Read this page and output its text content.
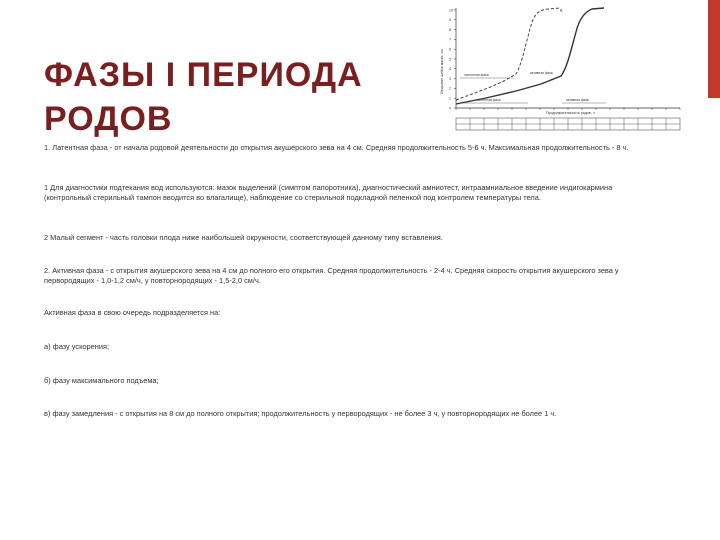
ФАЗЫ I ПЕРИОДА
РОДОВ
Открытие шейки матки, см
10
9
8
7
6
5
4
3
2
1
0
д
латентная фаза	активная фаза
латентная фаза	активная фаза
Продолжительность родов, ч

1. Латентная фаза - от начала родовой деятельности до открытия акушерского зева на 4 см. Средняя продолжительность 5-6 ч. Максимальная продолжительность - 8 ч.

1 Для диагностики подтекания вод используются: мазок выделений (симптом папоротника), диагностический амниотест, интраамниальное введение индигокармина (контрольный стерильный тампон вводится во влагалище), наблюдение со стерильной подкладной пеленкой под контролем температуры тела.

2 Малый сегмент - часть головки плода ниже наибольшей окружности, соответствующей данному типу вставления.

2. Активная фаза - с открытия акушерского зева на 4 см до полного его открытия. Средняя продолжительность - 2-4 ч. Средняя скорость открытия акушерского зева у первородящих - 1,0-1,2 см/ч, у повторнородящих - 1,5-2,0 см/ч.

Активная фаза в свою очередь подразделяется на:

а) фазу ускорения;

б) фазу максимального подъема;

в) фазу замедления - с открытия на 8 см до полного открытия; продолжительность у первородящих - не более 3 ч, у повторнородящих не более 1 ч.
